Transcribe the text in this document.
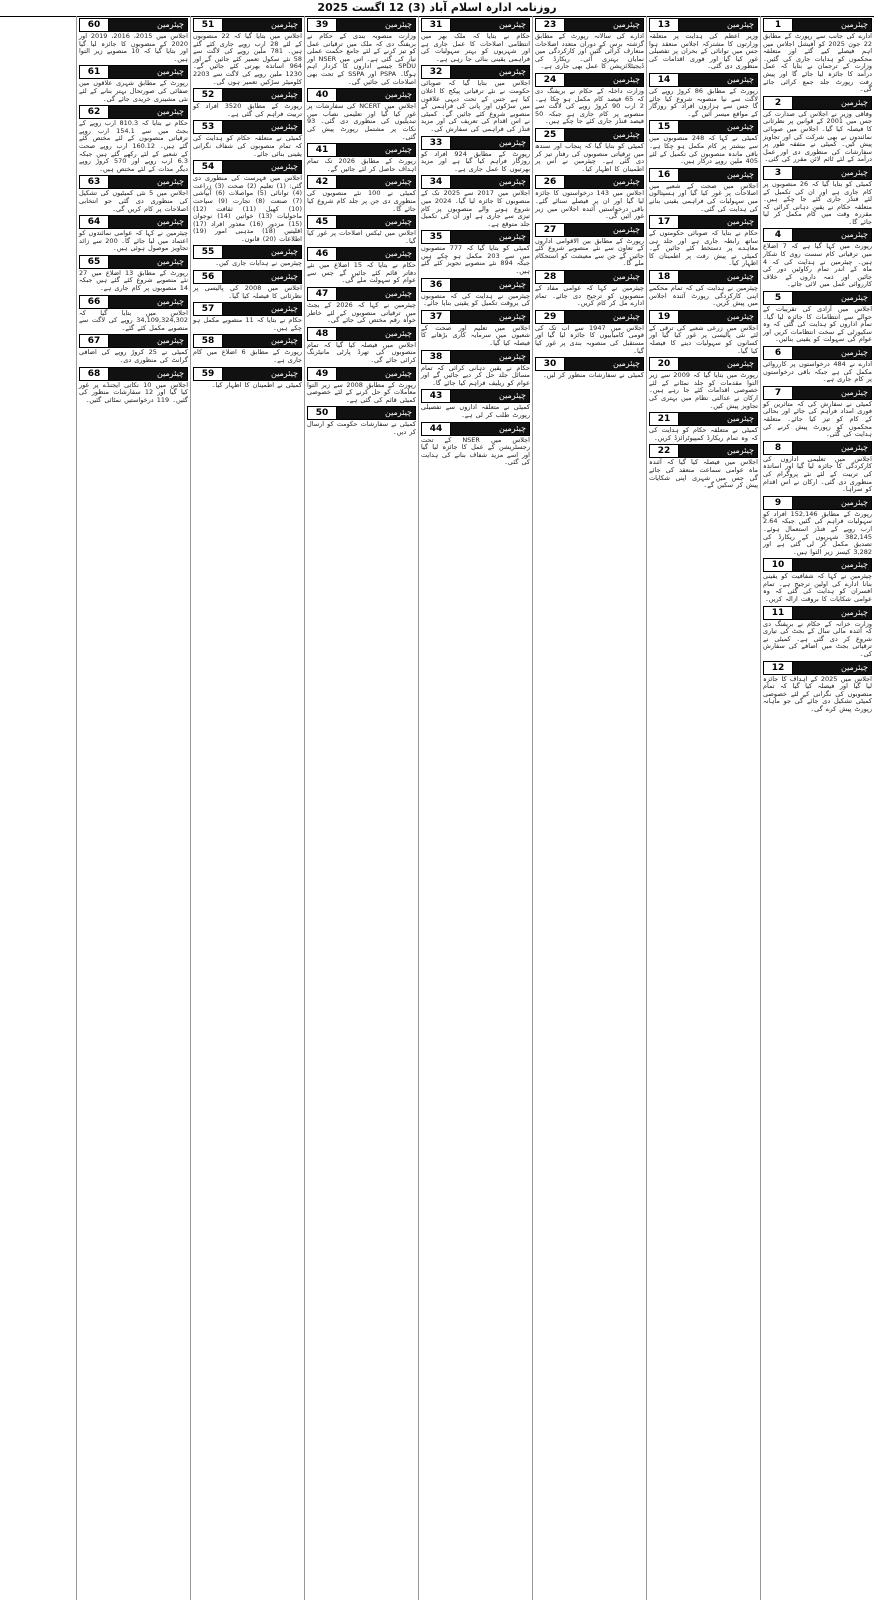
روزنامہ ادارہ اسلام آباد (3) 12 اگست 2025
1	چیئرمین
ادارے کی جانب سے رپورٹ کے مطابق 22 جون 2025 کو آفیشل اجلاس میں اہم فیصلے کیے گئے اور متعلقہ محکموں کو ہدایات جاری کی گئیں۔ وزارت کے ترجمان نے بتایا کہ عمل درآمد کا جائزہ لیا جائے گا اور پیش رفت رپورٹ جلد جمع کرائی جائے گی۔
2	چیئرمین
وفاقی وزیر نے اجلاس کی صدارت کی جس میں 2001 کے قوانین پر نظرثانی کا فیصلہ کیا گیا۔ اجلاس میں صوبائی نمائندوں نے بھی شرکت کی اور تجاویز پیش کیں۔ کمیٹی نے متفقہ طور پر سفارشات کی منظوری دی اور عمل درآمد کے لئے ٹائم لائن مقرر کی گئی۔
3	چیئرمین
کمیٹی کو بتایا گیا کہ 26 منصوبوں پر کام جاری ہے اور ان کی تکمیل کے لئے فنڈز جاری کئے جا چکے ہیں۔ متعلقہ حکام نے یقین دہانی کرائی کہ مقررہ وقت میں کام مکمل کر لیا جائے گا۔
4	چیئرمین
رپورٹ میں کہا گیا ہے کہ 7 اضلاع میں ترقیاتی کام سست روی کا شکار ہیں۔ چیئرمین نے ہدایت کی کہ 4 ماہ کے اندر تمام رکاوٹیں دور کی جائیں اور ذمہ داروں کے خلاف کارروائی عمل میں لائی جائے۔
5	چیئرمین
اجلاس میں آزادی کی تقریبات کے حوالے سے انتظامات کا جائزہ لیا گیا۔ تمام اداروں کو ہدایت کی گئی کہ وہ سکیورٹی کے سخت انتظامات کریں اور عوام کی سہولت کو یقینی بنائیں۔
6	چیئرمین
ادارے نے 484 درخواستوں پر کارروائی مکمل کی ہے جبکہ باقی درخواستوں پر کام جاری ہے۔
7	چیئرمین
کمیٹی نے سفارش کی کہ متاثرین کو فوری امداد فراہم کی جائے اور بحالی کے کام کو تیز کیا جائے۔ متعلقہ محکموں کو رپورٹ پیش کرنے کی ہدایت کی گئی۔
8	چیئرمین
اجلاس میں تعلیمی اداروں کی کارکردگی کا جائزہ لیا گیا اور اساتذہ کی تربیت کے لئے نئے پروگرام کی منظوری دی گئی۔ ارکان نے اس اقدام کو سراہا۔
9	چیئرمین
رپورٹ کے مطابق 152,146 افراد کو سہولیات فراہم کی گئیں جبکہ 2.64 ارب روپے کے فنڈز استعمال ہوئے۔ 382,145 شہریوں کے ریکارڈ کی تصدیق مکمل کر لی گئی ہے اور 3,282 کیسز زیر التوا ہیں۔
10	چیئرمین
چیئرمین نے کہا کہ شفافیت کو یقینی بنانا ادارے کی اولین ترجیح ہے۔ تمام افسران کو ہدایت کی گئی کہ وہ عوامی شکایات کا بروقت ازالہ کریں۔
11	چیئرمین
وزارت خزانہ کے حکام نے بریفنگ دی کہ آئندہ مالی سال کے بجٹ کی تیاری شروع کر دی گئی ہے۔ کمیٹی نے ترقیاتی بجٹ میں اضافے کی سفارش کی۔
12	چیئرمین
اجلاس میں 2025 کے اہداف کا جائزہ لیا گیا اور فیصلہ کیا گیا کہ تمام منصوبوں کی نگرانی کے لئے خصوصی کمیٹی تشکیل دی جائے گی جو ماہانہ رپورٹ پیش کرے گی۔
13	چیئرمین
وزیر اعظم کی ہدایت پر متعلقہ وزارتوں کا مشترکہ اجلاس منعقد ہوا جس میں توانائی کے بحران پر تفصیلی غور کیا گیا اور فوری اقدامات کی منظوری دی گئی۔
14	چیئرمین
رپورٹ کے مطابق 86 کروڑ روپے کی لاگت سے نیا منصوبہ شروع کیا جائے گا جس سے ہزاروں افراد کو روزگار کے مواقع میسر آئیں گے۔
15	چیئرمین
کمیٹی نے کہا کہ 248 منصوبوں میں سے بیشتر پر کام مکمل ہو چکا ہے۔ باقی ماندہ منصوبوں کی تکمیل کے لئے 405 ملین روپے درکار ہیں۔
16	چیئرمین
اجلاس میں صحت کے شعبے میں اصلاحات پر غور کیا گیا اور ہسپتالوں میں سہولیات کی فراہمی یقینی بنانے کی ہدایت کی گئی۔
17	چیئرمین
حکام نے بتایا کہ صوبائی حکومتوں کے ساتھ رابطہ جاری ہے اور جلد ہی معاہدے پر دستخط کئے جائیں گے۔ کمیٹی نے پیش رفت پر اطمینان کا اظہار کیا۔
18	چیئرمین
چیئرمین نے ہدایت کی کہ تمام محکمے اپنی کارکردگی رپورٹ آئندہ اجلاس میں پیش کریں۔
19	چیئرمین
اجلاس میں زرعی شعبے کی ترقی کے لئے نئی پالیسی پر غور کیا گیا اور کسانوں کو سہولیات دینے کا فیصلہ کیا گیا۔
20	چیئرمین
رپورٹ میں بتایا گیا کہ 2009 سے زیر التوا مقدمات کو جلد نمٹانے کے لئے خصوصی اقدامات کئے جا رہے ہیں۔ ارکان نے عدالتی نظام میں بہتری کی تجاویز پیش کیں۔
21	چیئرمین
کمیٹی نے متعلقہ حکام کو ہدایت کی کہ وہ تمام ریکارڈ کمپیوٹرائزڈ کریں۔
22	چیئرمین
اجلاس میں فیصلہ کیا گیا کہ آئندہ ماہ عوامی سماعت منعقد کی جائے گی جس میں شہری اپنی شکایات پیش کر سکیں گے۔
23	چیئرمین
ادارے کی سالانہ رپورٹ کے مطابق گزشتہ برس کے دوران متعدد اصلاحات متعارف کرائی گئیں اور کارکردگی میں نمایاں بہتری آئی۔ ریکارڈ کی ڈیجیٹلائزیشن کا عمل بھی جاری ہے۔
24	چیئرمین
وزارت داخلہ کے حکام نے بریفنگ دی کہ 65 فیصد کام مکمل ہو چکا ہے۔ 2 ارب 90 کروڑ روپے کی لاگت سے منصوبے پر کام جاری ہے جبکہ 50 فیصد فنڈز جاری کئے جا چکے ہیں۔
25	چیئرمین
کمیٹی کو بتایا گیا کہ پنجاب اور سندھ میں ترقیاتی منصوبوں کی رفتار تیز کر دی گئی ہے۔ چیئرمین نے اس پر اطمینان کا اظہار کیا۔
26	چیئرمین
اجلاس میں 143 درخواستوں کا جائزہ لیا گیا اور ان پر فیصلے سنائے گئے۔ باقی درخواستیں آئندہ اجلاس میں زیر غور آئیں گی۔
27	چیئرمین
رپورٹ کے مطابق بین الاقوامی اداروں کے تعاون سے نئے منصوبے شروع کئے جائیں گے جن سے معیشت کو استحکام ملے گا۔
28	چیئرمین
چیئرمین نے کہا کہ عوامی مفاد کے منصوبوں کو ترجیح دی جائے۔ تمام ادارے مل کر کام کریں۔
29	چیئرمین
اجلاس میں 1947 سے اب تک کی قومی کامیابیوں کا جائزہ لیا گیا اور مستقبل کی منصوبہ بندی پر غور کیا گیا۔
30	چیئرمین
کمیٹی نے سفارشات منظور کر لیں۔
31	چیئرمین
حکام نے بتایا کہ ملک بھر میں انتظامی اصلاحات کا عمل جاری ہے اور شہریوں کو بہتر سہولیات کی فراہمی یقینی بنائی جا رہی ہے۔
32	چیئرمین
اجلاس میں بتایا گیا کہ صوبائی حکومت نے نئے ترقیاتی پیکج کا اعلان کیا ہے جس کے تحت دیہی علاقوں میں سڑکوں اور پانی کی فراہمی کے منصوبے شروع کئے جائیں گے۔ کمیٹی نے اس اقدام کی تعریف کی اور مزید فنڈز کی فراہمی کی سفارش کی۔
33	چیئرمین
رپورٹ کے مطابق 924 افراد کو روزگار فراہم کیا گیا ہے اور مزید بھرتیوں کا عمل جاری ہے۔
34	چیئرمین
اجلاس میں 2017 سے 2025 تک کے منصوبوں کا جائزہ لیا گیا۔ 2024 میں شروع ہونے والے منصوبوں پر کام تیزی سے جاری ہے اور ان کی تکمیل جلد متوقع ہے۔
35	چیئرمین
کمیٹی کو بتایا گیا کہ 777 منصوبوں میں سے 203 مکمل ہو چکے ہیں جبکہ 894 نئے منصوبے تجویز کئے گئے ہیں۔
36	چیئرمین
چیئرمین نے ہدایت کی کہ منصوبوں کی بروقت تکمیل کو یقینی بنایا جائے۔
37	چیئرمین
اجلاس میں تعلیم اور صحت کے شعبوں میں سرمایہ کاری بڑھانے کا فیصلہ کیا گیا۔
38	چیئرمین
حکام نے یقین دہانی کرائی کہ تمام مسائل جلد حل کر دیے جائیں گے اور عوام کو ریلیف فراہم کیا جائے گا۔
43	چیئرمین
کمیٹی نے متعلقہ اداروں سے تفصیلی رپورٹ طلب کر لی ہے۔
44	چیئرمین
اجلاس میں NSER کے تحت رجسٹریشن کے عمل کا جائزہ لیا گیا اور اسے مزید شفاف بنانے کی ہدایت کی گئی۔
39	چیئرمین
وزارت منصوبہ بندی کے حکام نے بریفنگ دی کہ ملک میں ترقیاتی عمل کو تیز کرنے کے لئے جامع حکمت عملی تیار کی گئی ہے۔ اس میں NSER اور SPDU جیسے اداروں کا کردار اہم ہوگا۔ PSPA اور SSPA کے تحت بھی اصلاحات کی جائیں گی۔
40	چیئرمین
اجلاس میں NCERT کی سفارشات پر غور کیا گیا اور تعلیمی نصاب میں تبدیلیوں کی منظوری دی گئی۔ 93 نکات پر مشتمل رپورٹ پیش کی گئی۔
41	چیئرمین
رپورٹ کے مطابق 2026 تک تمام اہداف حاصل کر لئے جائیں گے۔
42	چیئرمین
کمیٹی نے 100 نئے منصوبوں کی منظوری دی جن پر جلد کام شروع کیا جائے گا۔
45	چیئرمین
اجلاس میں ٹیکس اصلاحات پر غور کیا گیا۔
46	چیئرمین
حکام نے بتایا کہ 15 اضلاع میں نئے دفاتر قائم کئے جائیں گے جس سے عوام کو سہولت ملے گی۔
47	چیئرمین
چیئرمین نے کہا کہ 2026 کے بجٹ میں ترقیاتی منصوبوں کے لئے خاطر خواہ رقم مختص کی جائے گی۔
48	چیئرمین
اجلاس میں فیصلہ کیا گیا کہ تمام منصوبوں کی تھرڈ پارٹی مانیٹرنگ کرائی جائے گی۔
49	چیئرمین
رپورٹ کے مطابق 2008 سے زیر التوا معاملات کو حل کرنے کے لئے خصوصی کمیٹی قائم کی گئی ہے۔
50	چیئرمین
کمیٹی نے سفارشات حکومت کو ارسال کر دیں۔
51	چیئرمین
اجلاس میں بتایا گیا کہ 22 منصوبوں کے لئے 28 ارب روپے جاری کئے گئے ہیں۔ 781 ملین روپے کی لاگت سے 58 نئے سکول تعمیر کئے جائیں گے اور 964 اساتذہ بھرتی کئے جائیں گے۔ 1230 ملین روپے کی لاگت سے 2203 کلومیٹر سڑکیں تعمیر ہوں گی۔
52	چیئرمین
رپورٹ کے مطابق 3520 افراد کو تربیت فراہم کی گئی ہے۔
53	چیئرمین
کمیٹی نے متعلقہ حکام کو ہدایت کی کہ تمام منصوبوں کی شفاف نگرانی یقینی بنائی جائے۔
54	چیئرمین
اجلاس میں فہرست کی منظوری دی گئی: (1) تعلیم (2) صحت (3) زراعت (4) توانائی (5) مواصلات (6) آبپاشی (7) صنعت (8) تجارت (9) سیاحت (10) کھیل (11) ثقافت (12) ماحولیات (13) خواتین (14) نوجوان (15) مزدور (16) معذور افراد (17) اقلیتیں (18) مذہبی امور (19) اطلاعات (20) قانون۔
55	چیئرمین
چیئرمین نے ہدایات جاری کیں۔
56	چیئرمین
اجلاس میں 2008 کی پالیسی پر نظرثانی کا فیصلہ کیا گیا۔
57	چیئرمین
حکام نے بتایا کہ 11 منصوبے مکمل ہو چکے ہیں۔
58	چیئرمین
رپورٹ کے مطابق 6 اضلاع میں کام جاری ہے۔
59	چیئرمین
کمیٹی نے اطمینان کا اظہار کیا۔
60	چیئرمین
اجلاس میں 2015، 2016، 2019 اور 2020 کے منصوبوں کا جائزہ لیا گیا اور بتایا گیا کہ 10 منصوبے زیر التوا ہیں۔
61	چیئرمین
رپورٹ کے مطابق شہری علاقوں میں صفائی کی صورتحال بہتر بنانے کے لئے نئی مشینری خریدی جائے گی۔
62	چیئرمین
حکام نے بتایا کہ 810.3 ارب روپے کے بجٹ میں سے 154.1 ارب روپے ترقیاتی منصوبوں کے لئے مختص کئے گئے ہیں۔ 160.12 ارب روپے صحت کے شعبے کے لئے رکھے گئے ہیں جبکہ 6.3 ارب روپے اور 570 کروڑ روپے دیگر مدات کے لئے مختص ہیں۔
63	چیئرمین
اجلاس میں 5 نئی کمیٹیوں کی تشکیل کی منظوری دی گئی جو انتخابی اصلاحات پر کام کریں گی۔
64	چیئرمین
چیئرمین نے کہا کہ عوامی نمائندوں کو اعتماد میں لیا جائے گا۔ 200 سے زائد تجاویز موصول ہوئی ہیں۔
65	چیئرمین
رپورٹ کے مطابق 13 اضلاع میں 27 نئے منصوبے شروع کئے گئے ہیں جبکہ 14 منصوبوں پر کام جاری ہے۔
66	چیئرمین
اجلاس میں بتایا گیا کہ 34,109,324,302 روپے کی لاگت سے منصوبے مکمل کئے گئے۔
67	چیئرمین
کمیٹی نے 25 کروڑ روپے کی اضافی گرانٹ کی منظوری دی۔
68	چیئرمین
اجلاس میں 10 نکاتی ایجنڈے پر غور کیا گیا اور 12 سفارشات منظور کی گئیں۔ 119 درخواستیں نمٹائی گئیں۔
